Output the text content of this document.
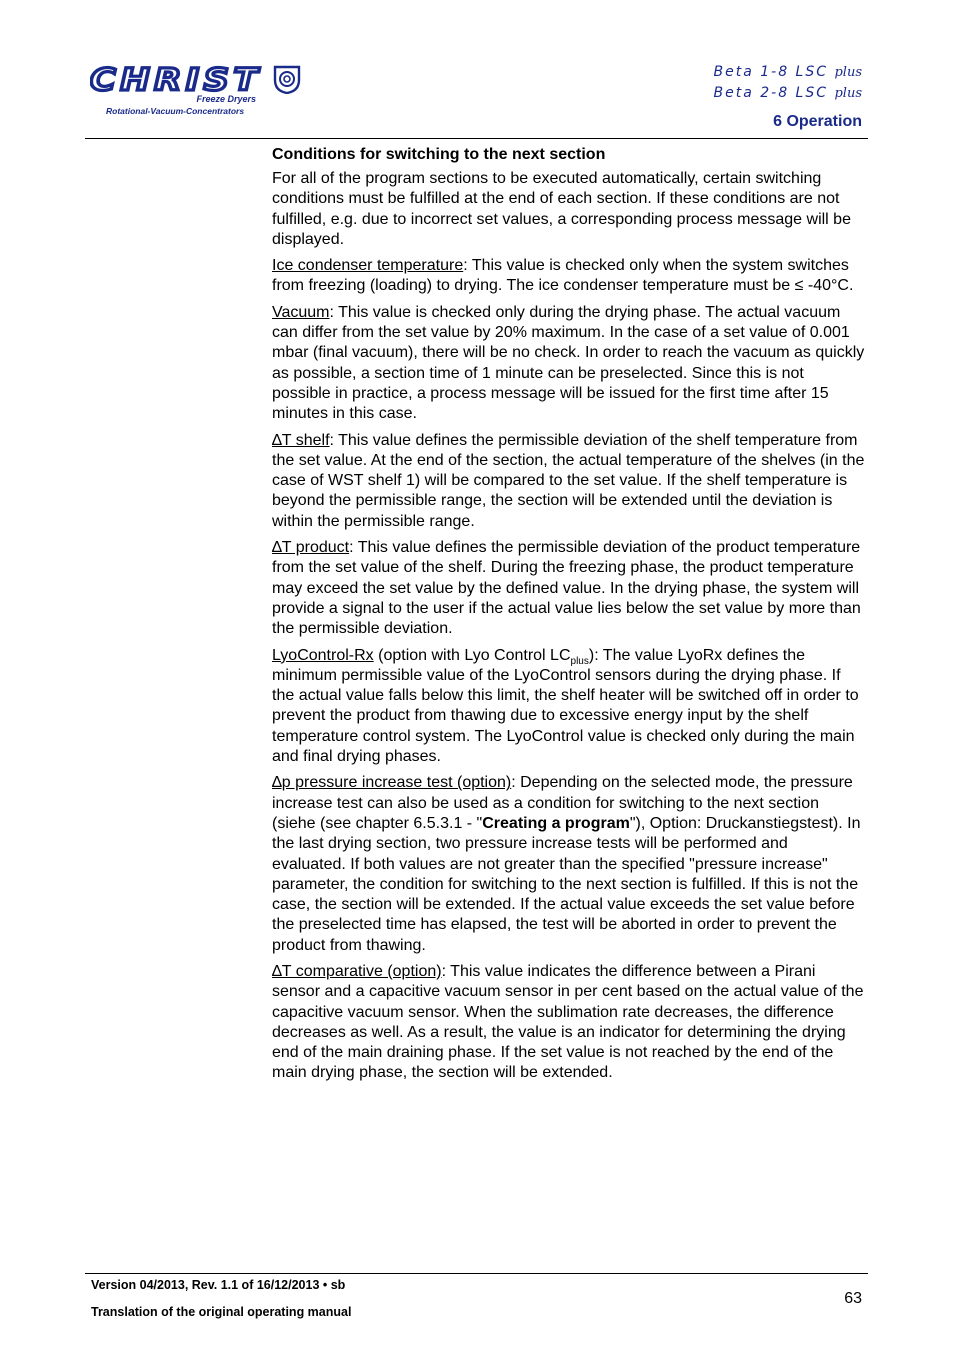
CHRIST
Freeze Dryers
Rotational-Vacuum-Concentrators
Beta 1-8 LSC plus
Beta 2-8 LSC plus
6 Operation
Conditions for switching to the next section

For all of the program sections to be executed automatically, certain switching conditions must be fulfilled at the end of each section. If these conditions are not fulfilled, e.g. due to incorrect set values, a corresponding process message will be displayed.

Ice condenser temperature: This value is checked only when the system switches from freezing (loading) to drying. The ice condenser temperature must be ≤ -40°C.

Vacuum: This value is checked only during the drying phase. The actual vacuum can differ from the set value by 20% maximum. In the case of a set value of 0.001 mbar (final vacuum), there will be no check. In order to reach the vacuum as quickly as possible, a section time of 1 minute can be preselected. Since this is not possible in practice, a process message will be issued for the first time after 15 minutes in this case.

∆T shelf: This value defines the permissible deviation of the shelf temperature from the set value. At the end of the section, the actual temperature of the shelves (in the case of WST shelf 1) will be compared to the set value. If the shelf temperature is beyond the permissible range, the section will be extended until the deviation is within the permissible range.

∆T product: This value defines the permissible deviation of the product temperature from the set value of the shelf. During the freezing phase, the product temperature may exceed the set value by the defined value. In the drying phase, the system will provide a signal to the user if the actual value lies below the set value by more than the permissible deviation.

LyoControl-Rx (option with Lyo Control $LC_{plus}$): The value LyoRx defines the minimum permissible value of the LyoControl sensors during the drying phase. If the actual value falls below this limit, the shelf heater will be switched off in order to prevent the product from thawing due to excessive energy input by the shelf temperature control system. The LyoControl value is checked only during the main and final drying phases.

∆p pressure increase test (option): Depending on the selected mode, the pressure increase test can also be used as a condition for switching to the next section (siehe (see chapter 6.5.3.1 - "Creating a program"), Option: Druckanstiegstest). In the last drying section, two pressure increase tests will be performed and evaluated. If both values are not greater than the specified "pressure increase" parameter, the condition for switching to the next section is fulfilled. If this is not the case, the section will be extended. If the actual value exceeds the set value before the preselected time has elapsed, the test will be aborted in order to prevent the product from thawing.

∆T comparative (option): This value indicates the difference between a Pirani sensor and a capacitive vacuum sensor in per cent based on the actual value of the capacitive vacuum sensor. When the sublimation rate decreases, the difference decreases as well. As a result, the value is an indicator for determining the drying end of the main draining phase. If the set value is not reached by the end of the main drying phase, the section will be extended.

Version 04/2013, Rev. 1.1 of 16/12/2013 • sb
Translation of the original operating manual
63
